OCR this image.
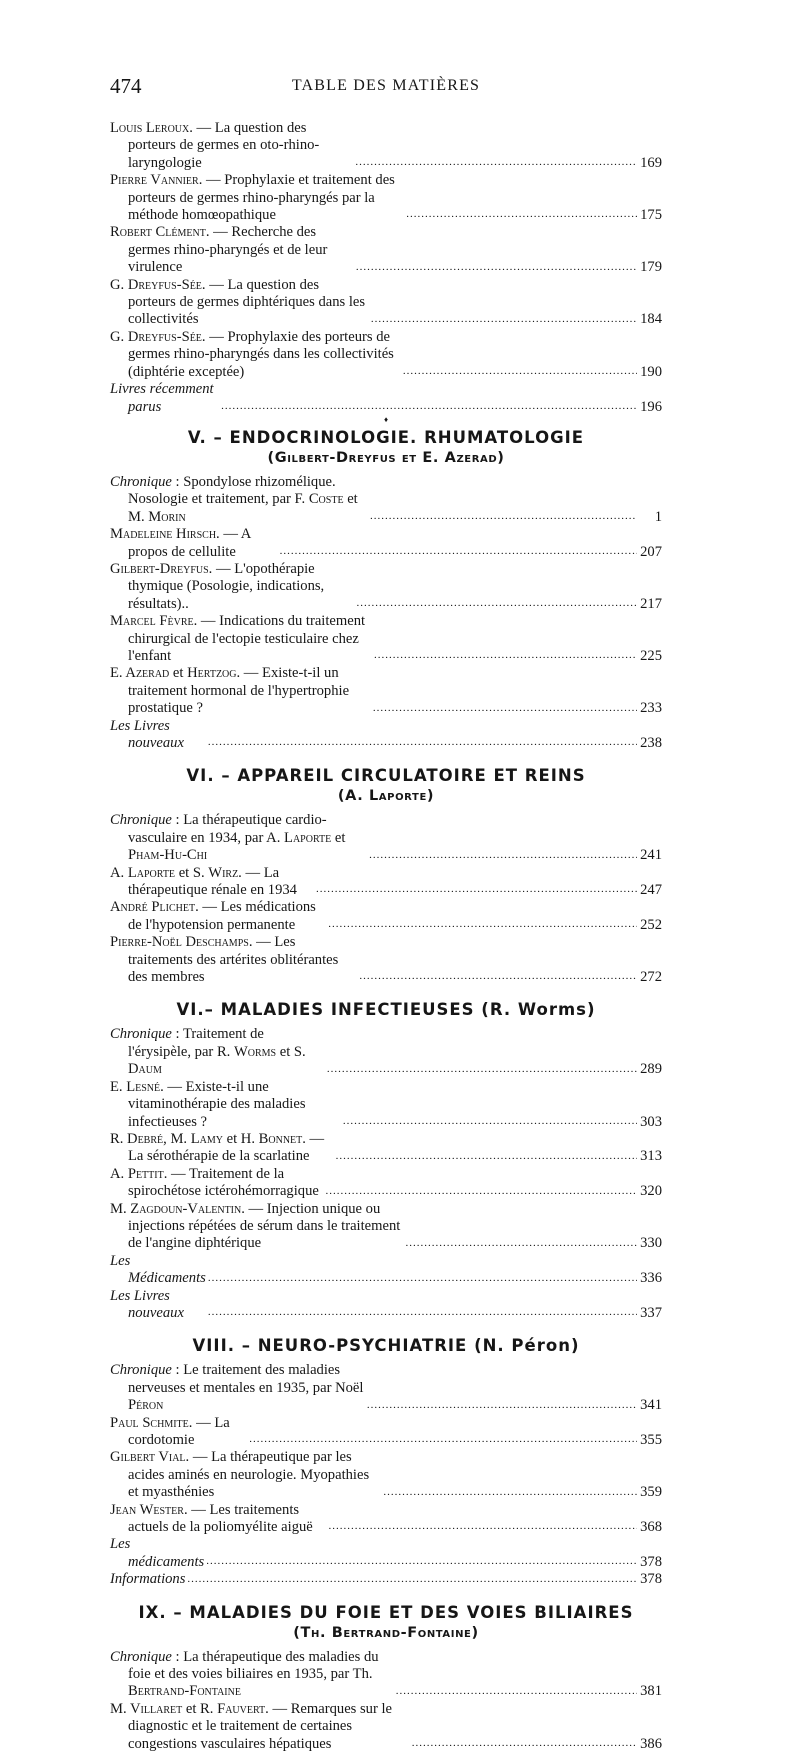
474	TABLE DES MATIÈRES
Louis Leroux. — La question des porteurs de germes en oto-rhino-laryngologie .....	169
Pierre Vannier. — Prophylaxie et traitement des porteurs de germes rhino-pharyngés par la méthode homœopathique .....	175
Robert Clément. — Recherche des germes rhino-pharyngés et de leur virulence .....	179
G. Dreyfus-Sée. — La question des porteurs de germes diphtériques dans les collectivités .....	184
G. Dreyfus-Sée. — Prophylaxie des porteurs de germes rhino-pharyngés dans les collectivités (diphtérie exceptée) .....	190
Livres récemment parus .....	196
♦
V. – ENDOCRINOLOGIE. RHUMATOLOGIE
(Gilbert-Dreyfus et E. Azerad)
Chronique : Spondylose rhizomélique. Nosologie et traitement, par F. Coste et M. Morin .....	1
Madeleine Hirsch. — A propos de cellulite .....	207
Gilbert-Dreyfus. — L'opothérapie thymique (Posologie, indications, résultats).. .....	217
Marcel Fèvre. — Indications du traitement chirurgical de l'ectopie testiculaire chez l'enfant .....	225
E. Azerad et Hertzog. — Existe-t-il un traitement hormonal de l'hypertrophie prostatique ? .....	233
Les Livres nouveaux .....	238
VI. – APPAREIL CIRCULATOIRE ET REINS
(A. Laporte)
Chronique : La thérapeutique cardio-vasculaire en 1934, par A. Laporte et Pham-Hu-Chi .....	241
A. Laporte et S. Wirz. — La thérapeutique rénale en 1934 .....	247
André Plichet. — Les médications de l'hypotension permanente .....	252
Pierre-Noël Deschamps. — Les traitements des artérites oblitérantes des membres .....	272
VI.– MALADIES INFECTIEUSES (R. Worms)
Chronique : Traitement de l'érysipèle, par R. Worms et S. Daum .....	289
E. Lesné. — Existe-t-il une vitaminothérapie des maladies infectieuses ? .....	303
R. Debré, M. Lamy et H. Bonnet. — La sérothérapie de la scarlatine .....	313
A. Pettit. — Traitement de la spirochétose ictérohémorragique .....	320
M. Zagdoun-Valentin. — Injection unique ou injections répétées de sérum dans le traitement de l'angine diphtérique .....	330
Les Médicaments .....	336
Les Livres nouveaux .....	337
VIII. – NEURO-PSYCHIATRIE (N. Péron)
Chronique : Le traitement des maladies nerveuses et mentales en 1935, par Noël Péron .....	341
Paul Schmite. — La cordotomie .....	355
Gilbert Vial. — La thérapeutique par les acides aminés en neurologie. Myopathies et myasthénies .....	359
Jean Wester. — Les traitements actuels de la poliomyélite aiguë .....	368
Les médicaments .....	378
Informations .....	378
IX. – MALADIES DU FOIE ET DES VOIES BILIAIRES
(Th. Bertrand-Fontaine)
Chronique : La thérapeutique des maladies du foie et des voies biliaires en 1935, par Th. Bertrand-Fontaine .....	381
M. Villaret et R. Fauvert. — Remarques sur le diagnostic et le traitement de certaines congestions vasculaires hépatiques .....	386
